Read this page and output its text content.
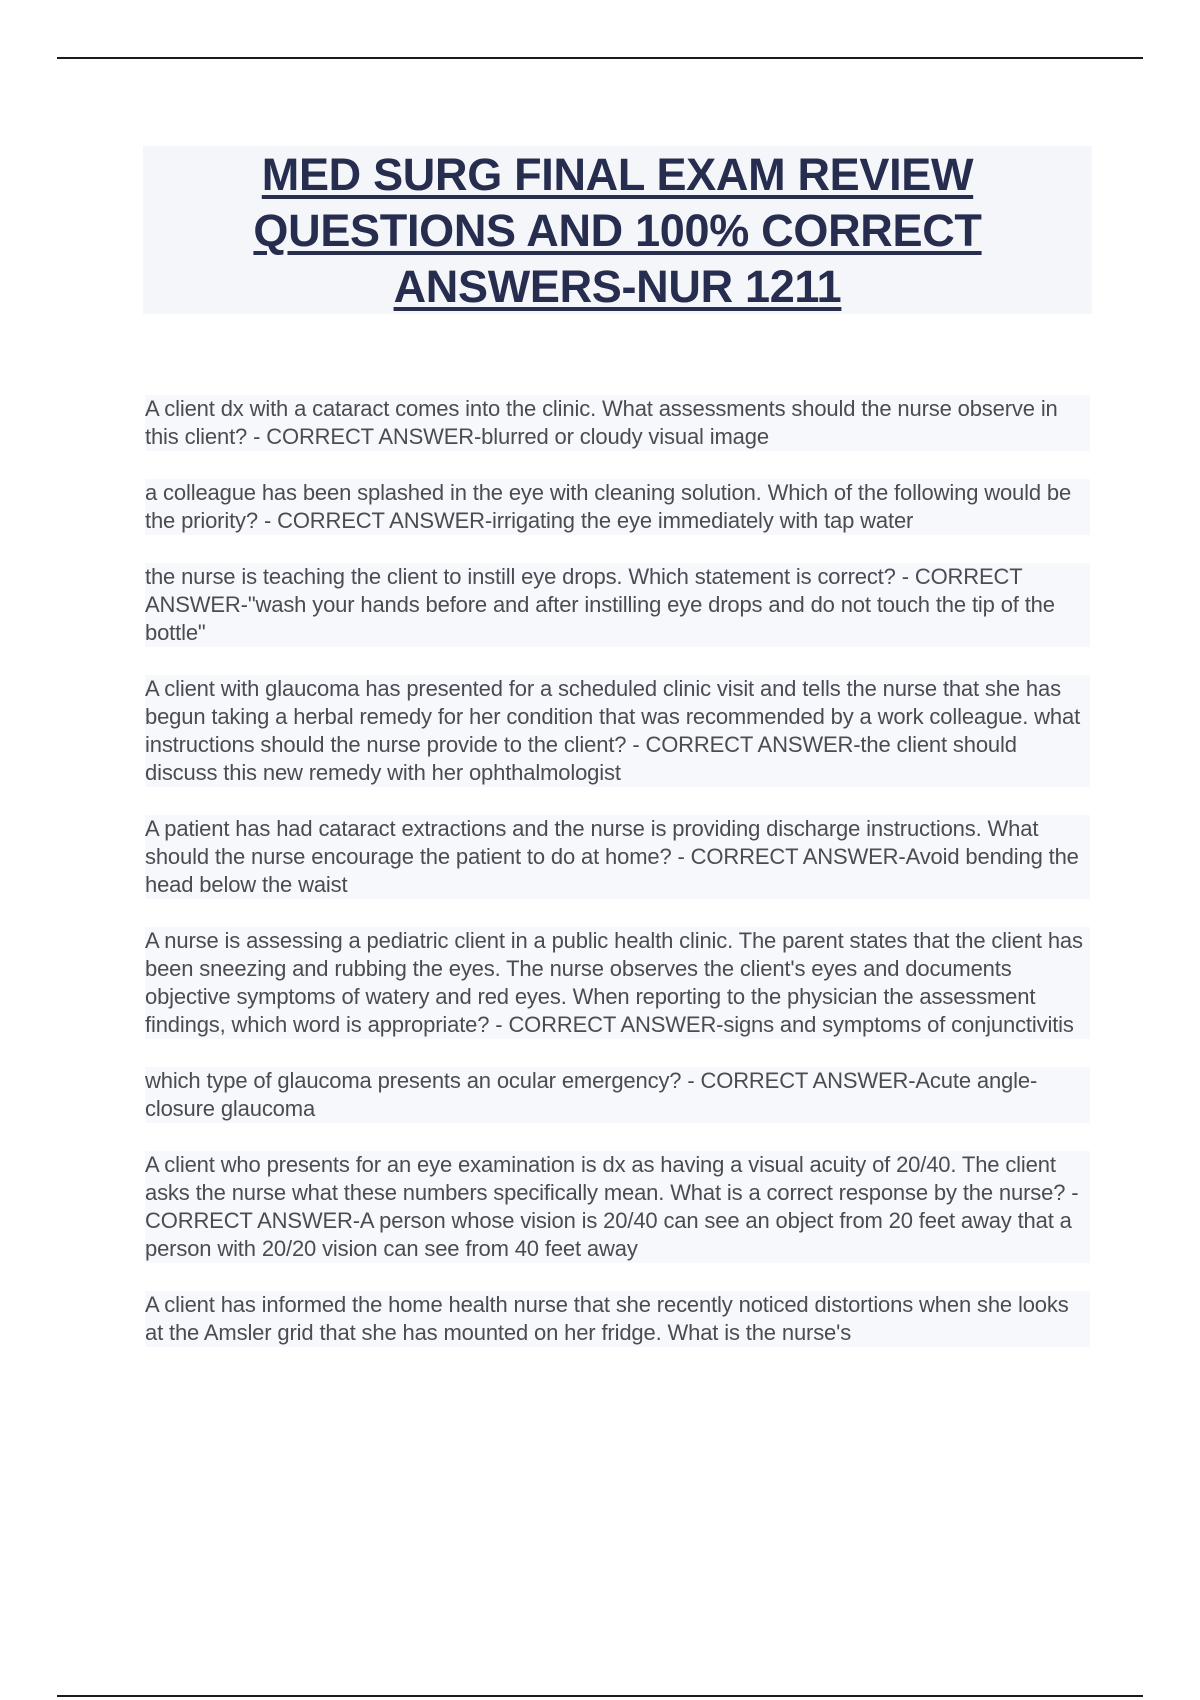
MED SURG FINAL EXAM REVIEW
QUESTIONS AND 100% CORRECT
ANSWERS-NUR 1211

A client dx with a cataract comes into the clinic. What assessments should the nurse observe in this client? - CORRECT ANSWER-blurred or cloudy visual image

a colleague has been splashed in the eye with cleaning solution. Which of the following would be the priority? - CORRECT ANSWER-irrigating the eye immediately with tap water

the nurse is teaching the client to instill eye drops. Which statement is correct? - CORRECT ANSWER-"wash your hands before and after instilling eye drops and do not touch the tip of the bottle"

A client with glaucoma has presented for a scheduled clinic visit and tells the nurse that she has begun taking a herbal remedy for her condition that was recommended by a work colleague. what instructions should the nurse provide to the client? - CORRECT ANSWER-the client should discuss this new remedy with her ophthalmologist

A patient has had cataract extractions and the nurse is providing discharge instructions. What should the nurse encourage the patient to do at home? - CORRECT ANSWER-Avoid bending the head below the waist

A nurse is assessing a pediatric client in a public health clinic. The parent states that the client has been sneezing and rubbing the eyes. The nurse observes the client's eyes and documents objective symptoms of watery and red eyes. When reporting to the physician the assessment findings, which word is appropriate? - CORRECT ANSWER-signs and symptoms of conjunctivitis

which type of glaucoma presents an ocular emergency? - CORRECT ANSWER-Acute angle-closure glaucoma

A client who presents for an eye examination is dx as having a visual acuity of 20/40. The client asks the nurse what these numbers specifically mean. What is a correct response by the nurse? - CORRECT ANSWER-A person whose vision is 20/40 can see an object from 20 feet away that a person with 20/20 vision can see from 40 feet away

A client has informed the home health nurse that she recently noticed distortions when she looks at the Amsler grid that she has mounted on her fridge. What is the nurse's
